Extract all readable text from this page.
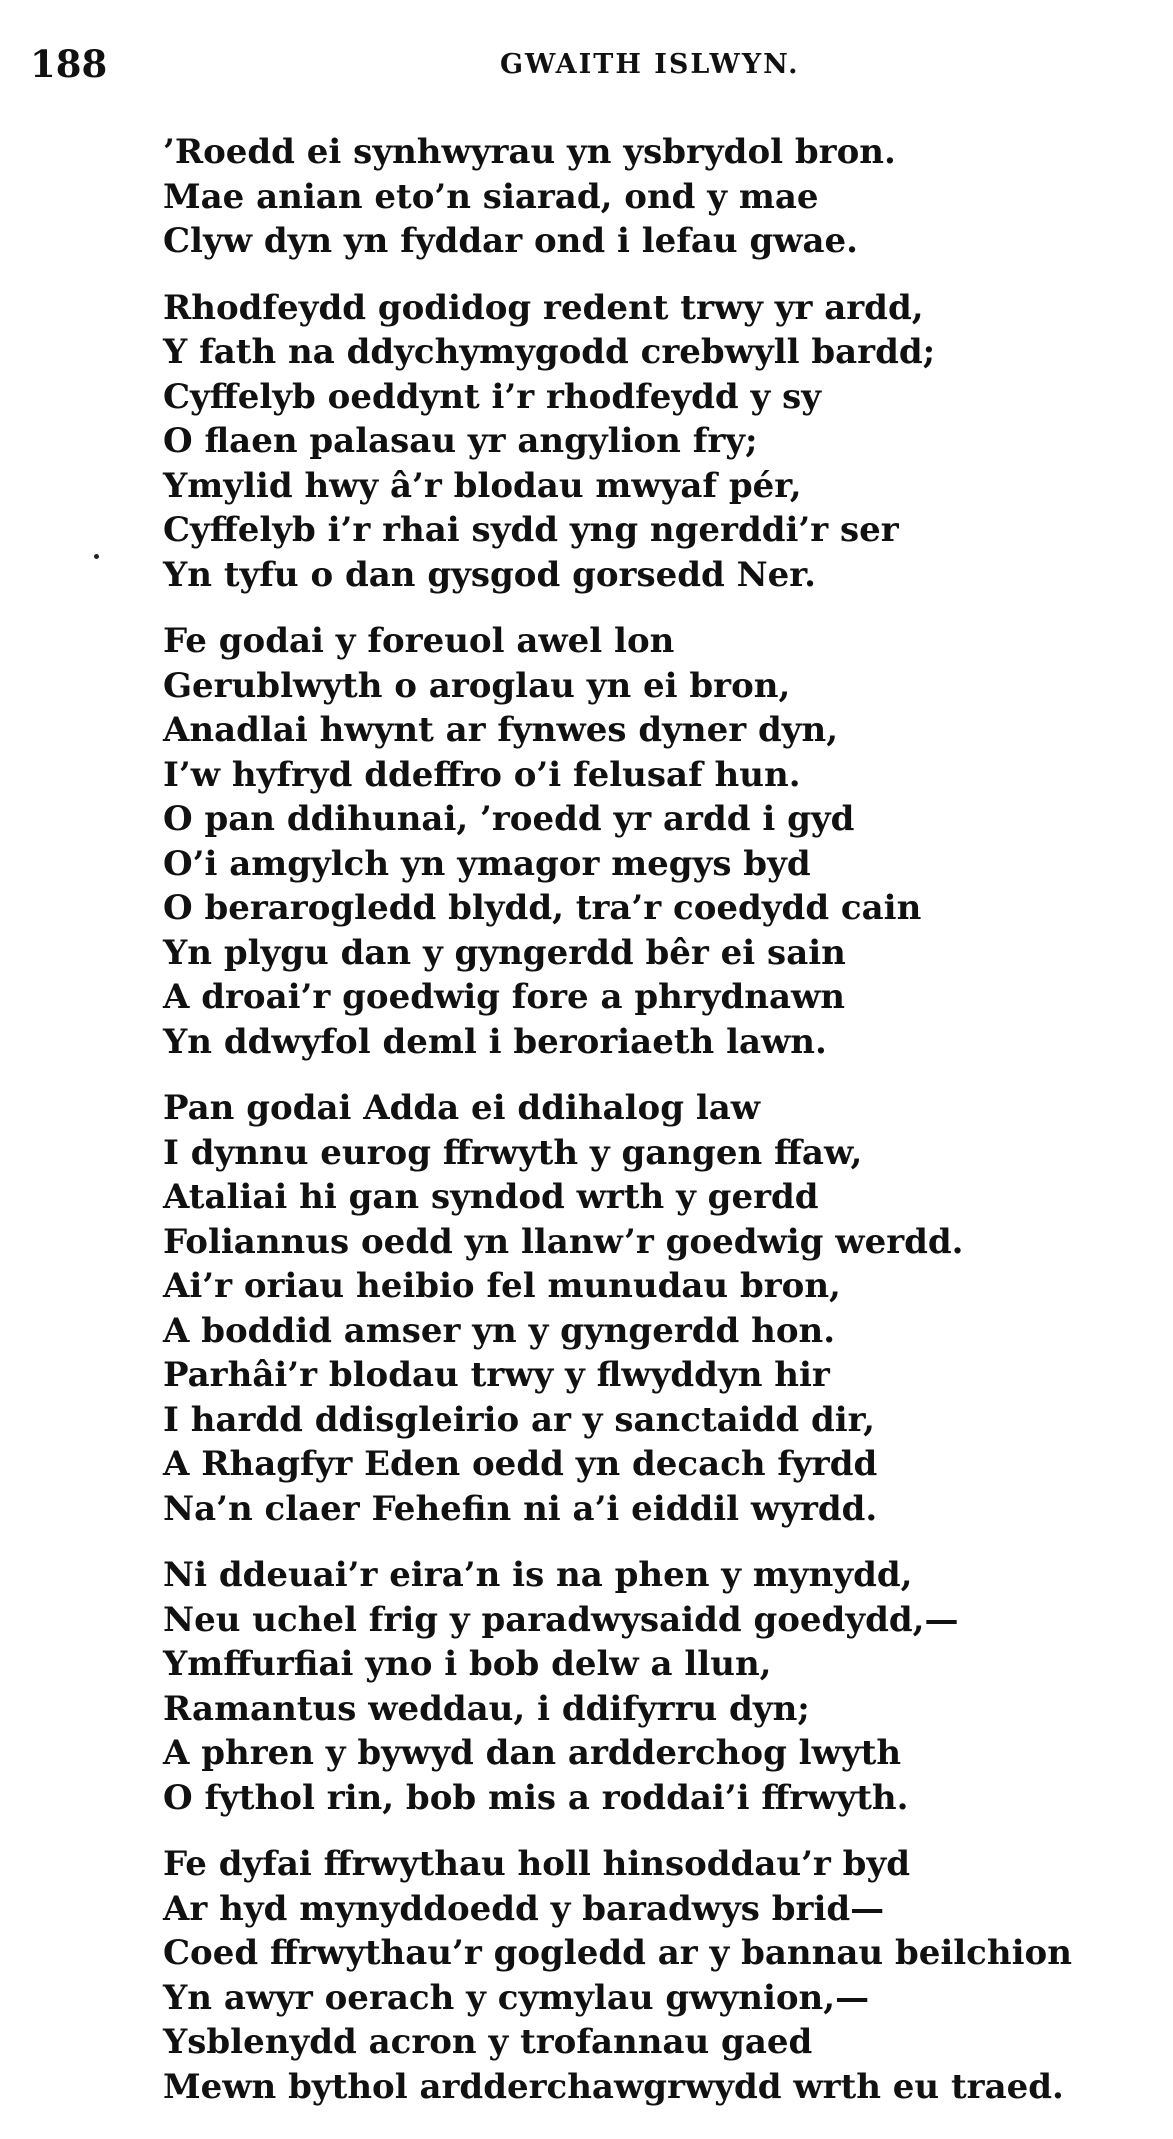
188	GWAITH ISLWYN.
’Roedd ei synhwyrau yn ysbrydol bron.
Mae anian eto’n siarad, ond y mae
Clyw dyn yn fyddar ond i lefau gwae.
Rhodfeydd godidog redent trwy yr ardd,
Y fath na ddychymygodd crebwyll bardd;
Cyffelyb oeddynt i’r rhodfeydd y sy
O flaen palasau yr angylion fry;
Ymylid hwy â’r blodau mwyaf pér,
Cyffelyb i’r rhai sydd yng ngerddi’r ser
Yn tyfu o dan gysgod gorsedd Ner.
Fe godai y foreuol awel lon
Gerublwyth o aroglau yn ei bron,
Anadlai hwynt ar fynwes dyner dyn,
I’w hyfryd ddeffro o’i felusaf hun.
O pan ddihunai, ’roedd yr ardd i gyd
O’i amgylch yn ymagor megys byd
O berarogledd blydd, tra’r coedydd cain
Yn plygu dan y gyngerdd bêr ei sain
A droai’r goedwig fore a phrydnawn
Yn ddwyfol deml i beroriaeth lawn.
Pan godai Adda ei ddihalog law
I dynnu eurog ffrwyth y gangen ffaw,
Ataliai hi gan syndod wrth y gerdd
Foliannus oedd yn llanw’r goedwig werdd.
Ai’r oriau heibio fel munudau bron,
A boddid amser yn y gyngerdd hon.
Parhâi’r blodau trwy y flwyddyn hir
I hardd ddisgleirio ar y sanctaidd dir,
A Rhagfyr Eden oedd yn decach fyrdd
Na’n claer Fehefin ni a’i eiddil wyrdd.
Ni ddeuai’r eira’n is na phen y mynydd,
Neu uchel frig y paradwysaidd goedydd,—
Ymffurfiai yno i bob delw a llun,
Ramantus weddau, i ddifyrru dyn;
A phren y bywyd dan ardderchog lwyth
O fythol rin, bob mis a roddai’i ffrwyth.
Fe dyfai ffrwythau holl hinsoddau’r byd
Ar hyd mynyddoedd y baradwys brid—
Coed ffrwythau’r gogledd ar y bannau beilchion
Yn awyr oerach y cymylau gwynion,—
Ysblenydd acron y trofannau gaed
Mewn bythol ardderchawgrwydd wrth eu traed.
